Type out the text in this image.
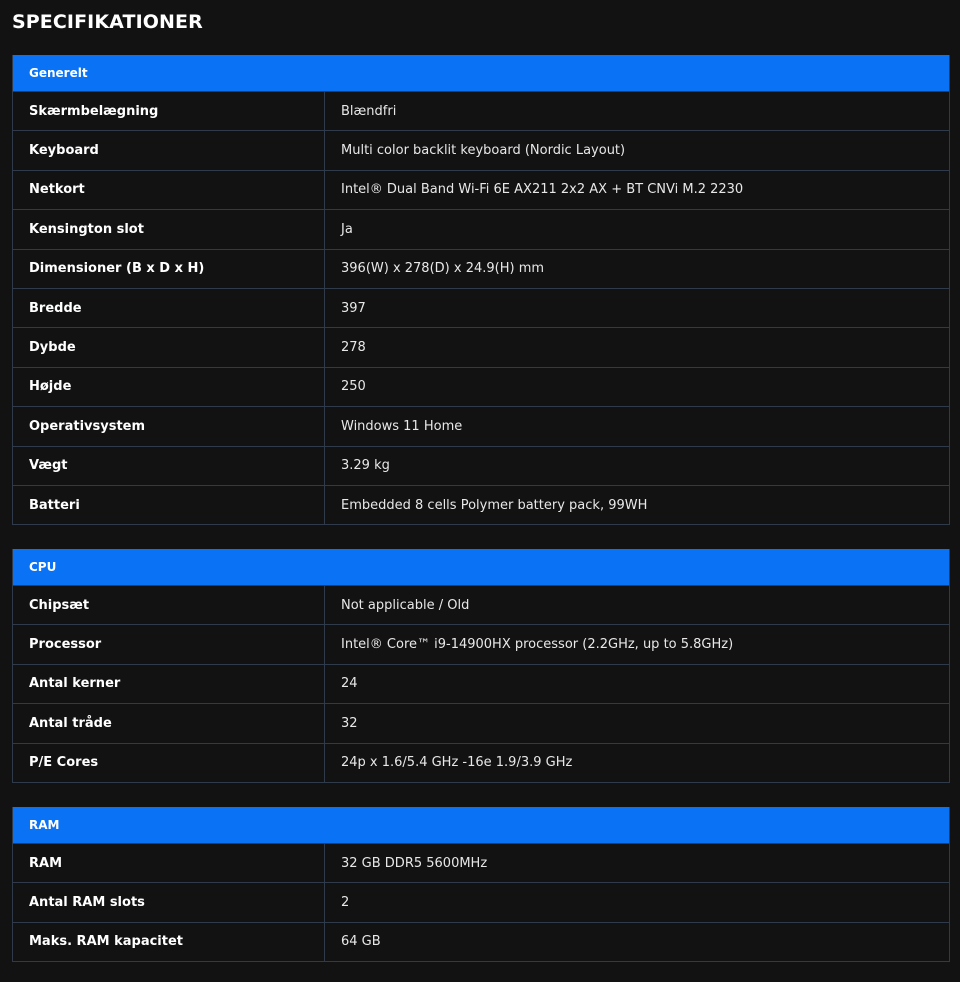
SPECIFIKATIONER
Generelt
Skærmbelægning	Blændfri
Keyboard	Multi color backlit keyboard (Nordic Layout)
Netkort	Intel® Dual Band Wi-Fi 6E AX211 2x2 AX + BT CNVi M.2 2230
Kensington slot	Ja
Dimensioner (B x D x H)	396(W) x 278(D) x 24.9(H) mm
Bredde	397
Dybde	278
Højde	250
Operativsystem	Windows 11 Home
Vægt	3.29 kg
Batteri	Embedded 8 cells Polymer battery pack, 99WH
CPU
Chipsæt	Not applicable / Old
Processor	Intel® Core™ i9-14900HX processor (2.2GHz, up to 5.8GHz)
Antal kerner	24
Antal tråde	32
P/E Cores	24p x 1.6/5.4 GHz -16e 1.9/3.9 GHz
RAM
RAM	32 GB DDR5 5600MHz
Antal RAM slots	2
Maks. RAM kapacitet	64 GB
